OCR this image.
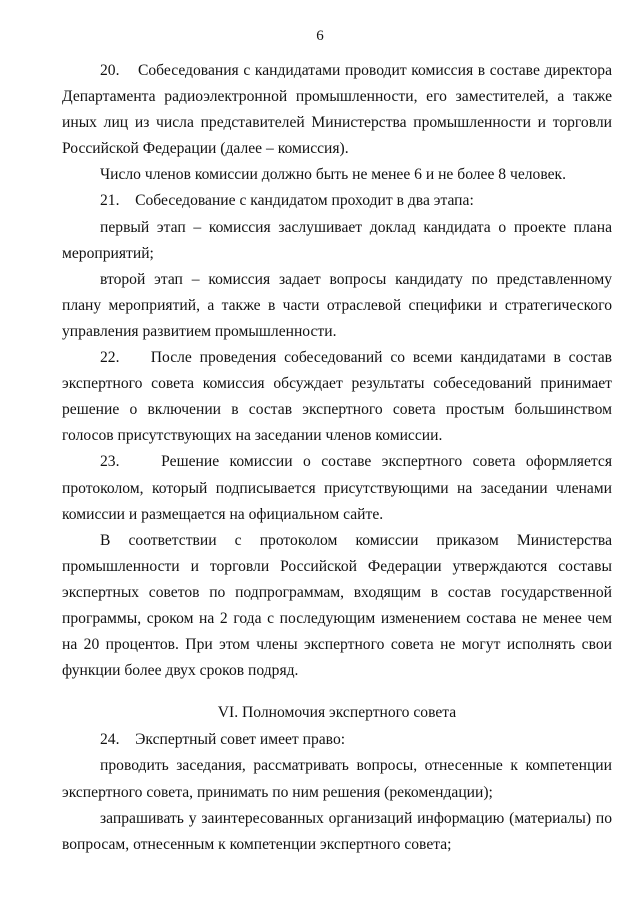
6

20.    Собеседования с кандидатами проводит комиссия в составе директора Департамента радиоэлектронной промышленности, его заместителей, а также иных лиц из числа представителей Министерства промышленности и торговли Российской Федерации (далее – комиссия).

Число членов комиссии должно быть не менее 6 и не более 8 человек.

21.    Собеседование с кандидатом проходит в два этапа:

первый этап – комиссия заслушивает доклад кандидата о проекте плана мероприятий;

второй этап – комиссия задает вопросы кандидату по представленному плану мероприятий, а также в части отраслевой специфики и стратегического управления развитием промышленности.

22.    После проведения собеседований со всеми кандидатами в состав экспертного совета комиссия обсуждает результаты собеседований принимает решение о включении в состав экспертного совета простым большинством голосов присутствующих на заседании членов комиссии.

23.    Решение комиссии о составе экспертного совета оформляется протоколом, который подписывается присутствующими на заседании членами комиссии и размещается на официальном сайте.

В соответствии с протоколом комиссии приказом Министерства промышленности и торговли Российской Федерации утверждаются составы экспертных советов по подпрограммам, входящим в состав государственной программы, сроком на 2 года с последующим изменением состава не менее чем на 20 процентов. При этом члены экспертного совета не могут исполнять свои функции более двух сроков подряд.

VI. Полномочия экспертного совета

24.    Экспертный совет имеет право:

проводить заседания, рассматривать вопросы, отнесенные к компетенции экспертного совета, принимать по ним решения (рекомендации);

запрашивать у заинтересованных организаций информацию (материалы) по вопросам, отнесенным к компетенции экспертного совета;
